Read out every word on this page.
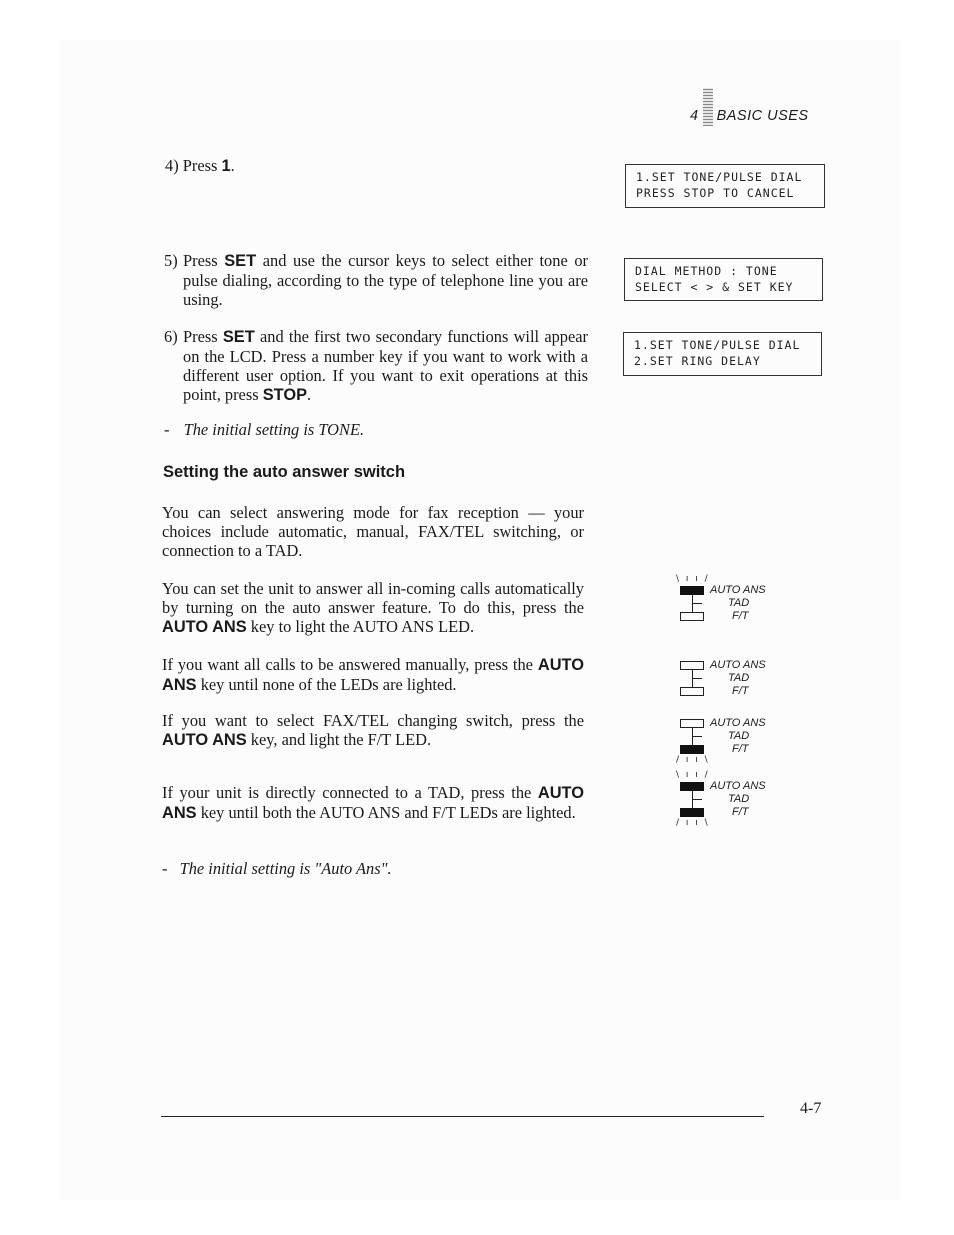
4 BASIC USES
4) Press 1.
1.SET TONE/PULSE DIAL
PRESS STOP TO CANCEL
5) Press SET and use the cursor keys to select either tone or pulse dialing, according to the type of telephone line you are using.
DIAL METHOD : TONE
SELECT < > & SET KEY
6) Press SET and the first two secondary functions will appear on the LCD. Press a number key if you want to work with a different user option. If you want to exit operations at this point, press STOP.
1.SET TONE/PULSE DIAL
2.SET RING DELAY
- The initial setting is TONE.
Setting the auto answer switch
You can select answering mode for fax reception — your choices include automatic, manual, FAX/TEL switching, or connection to a TAD.
You can set the unit to answer all in-coming calls automatically by turning on the auto answer feature. To do this, press the AUTO ANS key to light the AUTO ANS LED.
If you want all calls to be answered manually, press the AUTO ANS key until none of the LEDs are lighted.
If you want to select FAX/TEL changing switch, press the AUTO ANS key, and light the F/T LED.
If your unit is directly connected to a TAD, press the AUTO ANS key until both the AUTO ANS and F/T LEDs are lighted.
- The initial setting is "Auto Ans".
\ ı ı /
AUTO ANS
TAD
F/T
AUTO ANS
TAD
F/T
AUTO ANS
TAD
F/T
/ ı ı \
\ ı ı /
AUTO ANS
TAD
F/T
/ ı ı \
4-7
